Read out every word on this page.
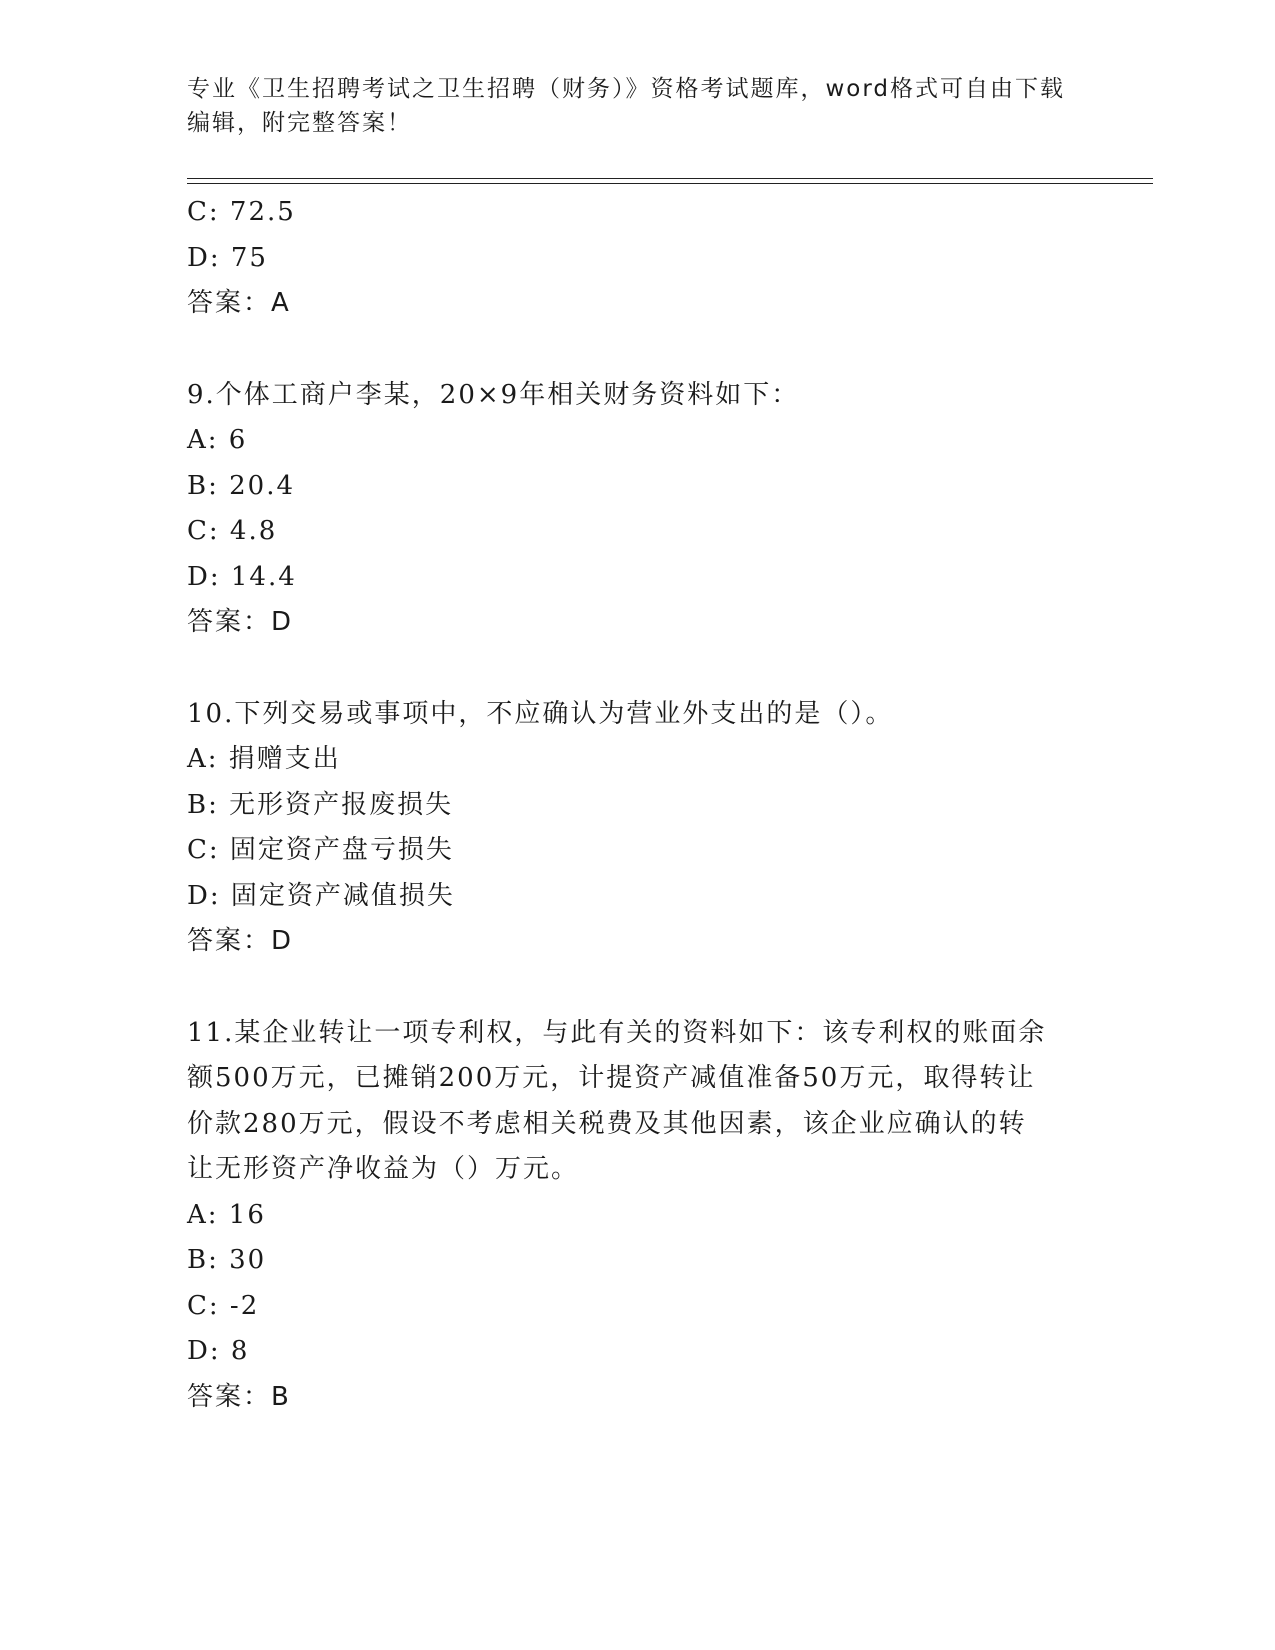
专业《卫生招聘考试之卫生招聘（财务）》资格考试题库，word格式可自由下载
编辑，附完整答案！
C: 72.5
D: 75
答案：A
9.个体工商户李某，20×9年相关财务资料如下：
A: 6
B: 20.4
C: 4.8
D: 14.4
答案：D
10.下列交易或事项中，不应确认为营业外支出的是（）。
A: 捐赠支出
B: 无形资产报废损失
C: 固定资产盘亏损失
D: 固定资产减值损失
答案：D
11.某企业转让一项专利权，与此有关的资料如下：该专利权的账面余
额500万元，已摊销200万元，计提资产减值准备50万元，取得转让
价款280万元，假设不考虑相关税费及其他因素，该企业应确认的转
让无形资产净收益为（）万元。
A: 16
B: 30
C: -2
D: 8
答案：B
